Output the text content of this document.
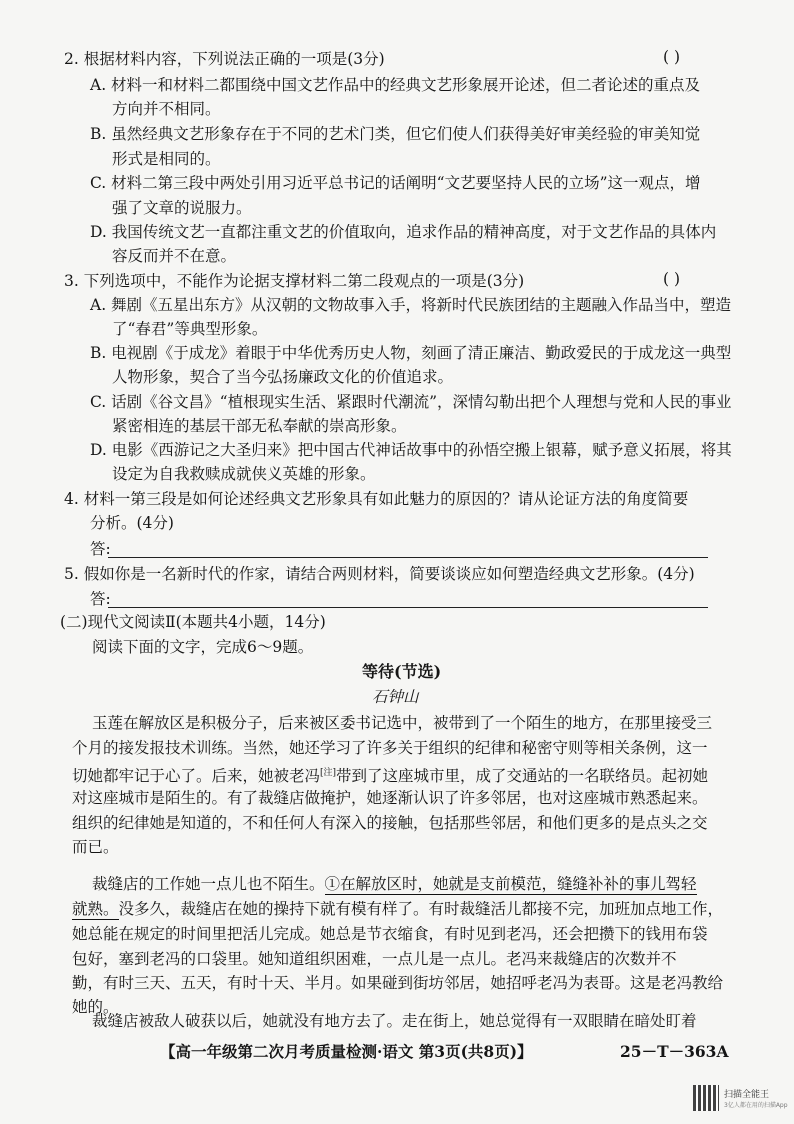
2. 根据材料内容，下列说法正确的一项是(3分)	( )
A. 材料一和材料二都围绕中国文艺作品中的经典文艺形象展开论述，但二者论述的重点及
方向并不相同。
B. 虽然经典文艺形象存在于不同的艺术门类，但它们使人们获得美好审美经验的审美知觉
形式是相同的。
C. 材料二第三段中两处引用习近平总书记的话阐明“文艺要坚持人民的立场”这一观点，增
强了文章的说服力。
D. 我国传统文艺一直都注重文艺的价值取向，追求作品的精神高度，对于文艺作品的具体内
容反而并不在意。
3. 下列选项中，不能作为论据支撑材料二第二段观点的一项是(3分)	( )
A. 舞剧《五星出东方》从汉朝的文物故事入手，将新时代民族团结的主题融入作品当中，塑造
了“春君”等典型形象。
B. 电视剧《于成龙》着眼于中华优秀历史人物，刻画了清正廉洁、勤政爱民的于成龙这一典型
人物形象，契合了当今弘扬廉政文化的价值追求。
C. 话剧《谷文昌》“植根现实生活、紧跟时代潮流”，深情勾勒出把个人理想与党和人民的事业
紧密相连的基层干部无私奉献的崇高形象。
D. 电影《西游记之大圣归来》把中国古代神话故事中的孙悟空搬上银幕，赋予意义拓展，将其
设定为自我救赎成就侠义英雄的形象。
4. 材料一第三段是如何论述经典文艺形象具有如此魅力的原因的？请从论证方法的角度简要
分析。(4分)
答:
5. 假如你是一名新时代的作家，请结合两则材料，简要谈谈应如何塑造经典文艺形象。(4分)
答:
(二)现代文阅读Ⅱ(本题共4小题，14分)
阅读下面的文字，完成6～9题。
等待(节选)
石钟山
玉莲在解放区是积极分子，后来被区委书记选中，被带到了一个陌生的地方，在那里接受三
个月的接发报技术训练。当然，她还学习了许多关于组织的纪律和秘密守则等相关条例，这一
切她都牢记于心了。后来，她被老冯[注]带到了这座城市里，成了交通站的一名联络员。起初她
对这座城市是陌生的。有了裁缝店做掩护，她逐渐认识了许多邻居，也对这座城市熟悉起来。
组织的纪律她是知道的，不和任何人有深入的接触，包括那些邻居，和他们更多的是点头之交
而已。
裁缝店的工作她一点儿也不陌生。①在解放区时，她就是支前模范，缝缝补补的事儿驾轻
就熟。没多久，裁缝店在她的操持下就有模有样了。有时裁缝活儿都接不完，加班加点地工作，
她总能在规定的时间里把活儿完成。她总是节衣缩食，有时见到老冯，还会把攒下的钱用布袋
包好，塞到老冯的口袋里。她知道组织困难，一点儿是一点儿。老冯来裁缝店的次数并不
勤，有时三天、五天，有时十天、半月。如果碰到街坊邻居，她招呼老冯为表哥。这是老冯教给
她的。
裁缝店被敌人破获以后，她就没有地方去了。走在街上，她总觉得有一双眼睛在暗处盯着
【高一年级第二次月考质量检测·语文 第3页(共8页)】	25－T－363A
扫描全能王
3亿人都在用的扫描App
